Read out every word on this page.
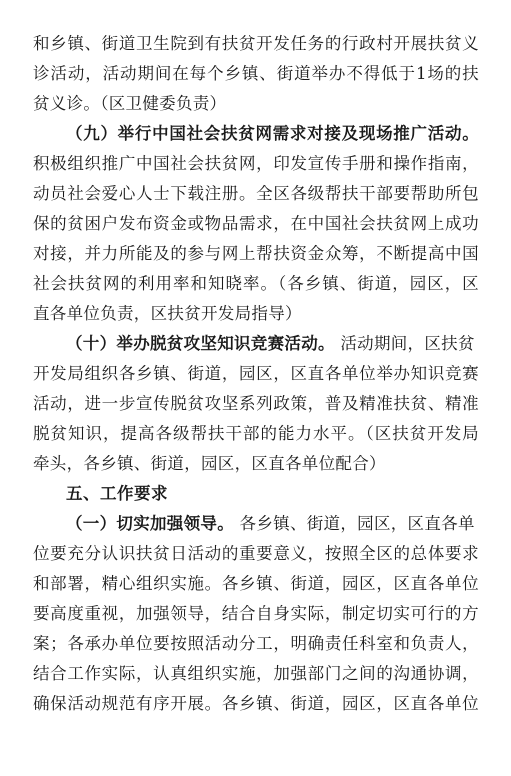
和乡镇、街道卫生院到有扶贫开发任务的行政村开展扶贫义
诊活动，活动期间在每个乡镇、街道举办不得低于1场的扶
贫义诊。（区卫健委负责）
（九）举行中国社会扶贫网需求对接及现场推广活动。
积极组织推广中国社会扶贫网，印发宣传手册和操作指南，
动员社会爱心人士下载注册。全区各级帮扶干部要帮助所包
保的贫困户发布资金或物品需求，在中国社会扶贫网上成功
对接，并力所能及的参与网上帮扶资金众筹，不断提高中国
社会扶贫网的利用率和知晓率。（各乡镇、街道，园区，区
直各单位负责，区扶贫开发局指导）
（十）举办脱贫攻坚知识竞赛活动。 活动期间，区扶贫
开发局组织各乡镇、街道，园区，区直各单位举办知识竞赛
活动，进一步宣传脱贫攻坚系列政策，普及精准扶贫、精准
脱贫知识，提高各级帮扶干部的能力水平。（区扶贫开发局
牵头，各乡镇、街道，园区，区直各单位配合）
五、工作要求
（一）切实加强领导。 各乡镇、街道，园区，区直各单
位要充分认识扶贫日活动的重要意义，按照全区的总体要求
和部署，精心组织实施。各乡镇、街道，园区，区直各单位
要高度重视，加强领导，结合自身实际，制定切实可行的方
案；各承办单位要按照活动分工，明确责任科室和负责人，
结合工作实际，认真组织实施，加强部门之间的沟通协调，
确保活动规范有序开展。各乡镇、街道，园区，区直各单位
